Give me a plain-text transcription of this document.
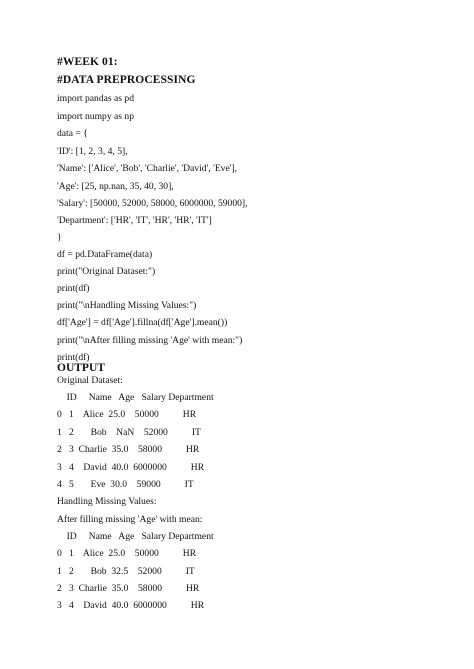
#WEEK 01:
#DATA PREPROCESSING
import pandas as pd
import numpy as np
data = {
'ID': [1, 2, 3, 4, 5],
'Name': ['Alice', 'Bob', 'Charlie', 'David', 'Eve'],
'Age': [25, np.nan, 35, 40, 30],
'Salary': [50000, 52000, 58000, 6000000, 59000],
'Department': ['HR', 'IT', 'HR', 'HR', 'IT']
}
df = pd.DataFrame(data)
print("Original Dataset:")
print(df)
print("\nHandling Missing Values:")
df['Age'] = df['Age'].fillna(df['Age'].mean())
print("\nAfter filling missing 'Age' with mean:")
print(df)
OUTPUT
Original Dataset:
ID     Name   Age   Salary Department
0   1    Alice  25.0    50000          HR
1   2       Bob    NaN    52000          IT
2   3  Charlie  35.0    58000          HR
3   4    David  40.0  6000000          HR
4   5       Eve  30.0    59000          IT
Handling Missing Values:
After filling missing 'Age' with mean:
ID     Name   Age   Salary Department
0   1    Alice  25.0    50000          HR
1   2       Bob  32.5    52000          IT
2   3  Charlie  35.0    58000          HR
3   4    David  40.0  6000000          HR
